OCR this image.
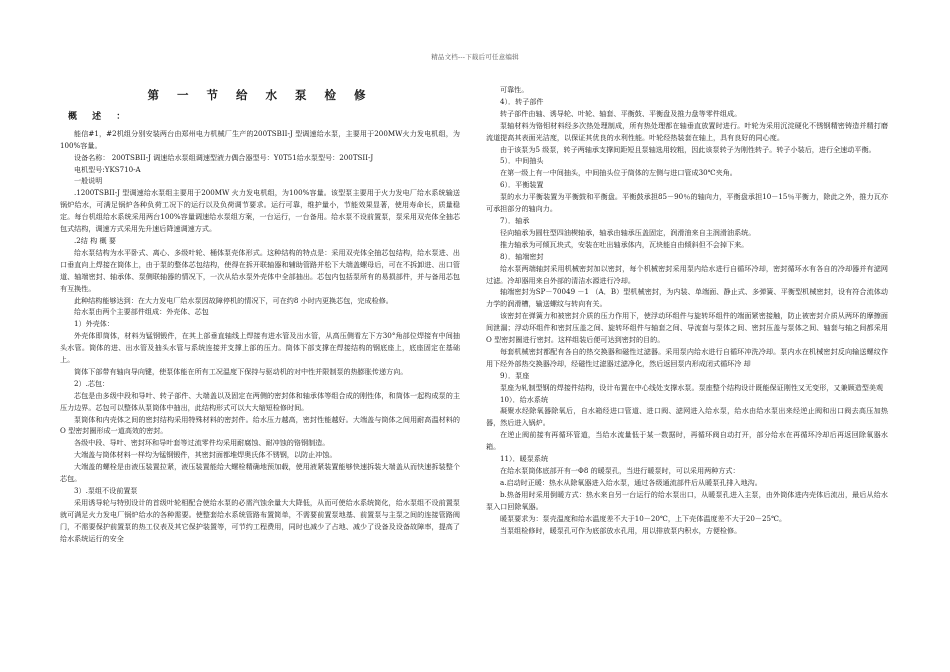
精品文档---下载后可任意编辑
第 一 节 给 水 泵 检 修
概 述 ：

能信#1，#2机组分别安装两台由郑州电力机械厂生产的200TSBII-J 型调速给水泵，主要用于200MW火力发电机组，为100%容量。

设备名称： 200TSBII-J 调速给水泵组调速型液力偶合器型号：Y0T51给水泵型号：200TSII-J

电机型号:YKS710-A

一般说明

.1200TSBII-J 型调速给水泵组主要用于200MW 火力发电机组，为100%容量。该型泵主要用于火力发电厂给水系统输送锅炉给水，可满足锅炉各种负荷工况下的运行以及负荷调节要求。运行可靠，维护量小，节能效果显著，使用寿命长，质量稳定。每台机组给水系统采用两台100%容量调速给水泵组方案，一台运行，一台备用。给水泵不设前置泵，泵采用双壳体全抽芯包式结构，调速方式采用先升速后降速调速方式。

.2结 构 概 要

给水泵结构为水平卧式、离心、多级叶轮、桶体泵壳体形式。这种结构的特点是：采用双壳体全抽芯包结构，给水泵进、出口垂直向上焊接在筒体上，由于泵的整体芯包结构，使得在拆开联轴器和辅助管路并松下大端盖螺母后，可在不拆卸进、出口管道、轴端密封、轴承体、泵侧联轴器的情况下，一次从给水泵外壳体中全部抽出。芯包内包括泵所有的易损部件，并与备用芯包有互换性。

此种结构能够达到：在大力发电厂给水泵因故障停机的情况下，可在约8 小时内更换芯包，完成检修。

给水泵由两个主要部件组成：外壳体、芯包

1）外壳体：

外壳体即筒体，材料为锰钢锻件，在其上部垂直轴线上焊接有进水管及出水管，从高压侧看左下方30°角部位焊接有中间抽头水管。筒体的进、出水管及抽头水管与系统连接并支撑上部的压力。筒体下部支撑在焊接结构的钢底座上，底座固定在基础上。

筒体下部带有轴向导向键，使泵体能在所有工况温度下保持与驱动机的对中性并限制泵的热膨胀传递方向。

2）.芯包：

芯包是由多级中段和导叶、转子部件、大端盖以及固定在两侧的密封体和轴承体等组合成的刚性体，和筒体一起构成泵的主压力边界。芯包可以整体从泵筒体中抽出，此结构形式可以大大缩短检修时间。

泵筒体和内壳体之间的密封结构采用特殊材料的密封件。给水压力越高，密封性能越好。大端盖与筒体之间用耐高温材料的O 型密封圈形成一道高效的密封。

各级中段、导叶、密封环和导叶套等过流零件均采用耐腐蚀、耐冲蚀的铬钢制造。

大端盖与筒体材料一样均为锰钢锻件，其密封面都堆焊奥氏体不锈钢，以防止冲蚀。

大端盖的螺栓是由液压装置拉紧，液压装置能给大螺栓精确地预加载，使用液紧装置能够快速拆装大端盖从而快速拆装整个芯包。

3）.泵组不设前置泵

采用诱导轮与特别设计的首级叶轮相配合使给水泵的必需汽蚀余量大大降低，从而可使给水系统简化，给水泵组不设前置泵就可满足火力发电厂锅炉给水的各种需要。使整套给水系统管路布置简单，不需要前置泵地基、前置泵与主泵之间的连接管路阀门，不需要保护前置泵的热工仪表及其它保护装置等，可节约工程费用，同时也减少了占地、减少了设备及设备故障率，提高了给水系统运行的安全

可靠性。

4）．转子部件

转子部件由轴、诱导轮、叶轮、轴套、平衡鼓、平衡盘及推力盘等零件组成。

泵轴材料为铬钼材料经多次热处理制成，所有热处理都在轴垂直放置时进行。叶轮为采用沉淀硬化不锈钢精密铸造并精打磨流道提高其表面光洁度，以保证其优良的水利性能。叶轮经热装套在轴上，具有良好的同心度。

由于该泵为5 级泵，转子两轴承支撑间距短且泵轴选用较粗，因此该泵转子为刚性转子。转子小装后，进行全速动平衡。

5）．中间抽头

在第一级上有一中间抽头，中间抽头位于筒体的左侧与进口管成30℃夹角。

6）．平衡装置

泵的水力平衡装置为平衡鼓和平衡盘。平衡鼓承担85－90％的轴向力，平衡盘承担10－15％平衡力，除此之外，推力瓦亦可承担部分的轴向力。

7）．轴承

径向轴承为圆柱型四油楔轴承，轴承由轴承压盖固定，润滑油来自主润滑油系统。

推力轴承为可倾瓦块式，安装在吐出轴承体内，瓦块能自由倾斜但不会掉下来。

8）．轴端密封

给水泵两端轴封采用机械密封加以密封，每个机械密封采用泵内给水进行自循环冷却，密封循环水有各自的冷却器并有滤网过滤。冷却器用来自外部的清洁水源进行冷却。

轴端密封为SP－70049 －1 （A．B）型机械密封，为内装、单端面、静止式、多弹簧、平衡型机械密封，设有符合流体动力学的润滑槽，输送螺纹与转向有关。

该密封在弹簧力和被密封介质的压力作用下，使浮动环组件与旋转环组件的端面紧密接触，防止被密封介质从两环的摩擦面间泄漏；浮动环组件和密封压盖之间、旋转环组件与轴套之间、导流套与泵体之间、密封压盖与泵体之间、轴套与轴之间都采用O 型密封圈进行密封。这样组装后便可达到密封的目的。

每套机械密封都配有各自的热交换器和磁性过滤器。采用泵内给水进行自循环冲洗冷却。泵内水在机械密封反向输送螺纹作用下经外部热交换器冷却，经磁性过滤器过滤净化，然后返回泵内形成闭式循环冷 却

9）．泵座

泵座为轧制型钢的焊接件结构，设计布置在中心线处支撑水泵。泵座整个结构设计既能保证刚性又无变形，又兼顾造型美观

10）．给水系统

凝聚水经除氧器除氧后，自水箱经进口管道、进口阀、滤网进入给水泵，给水由给水泵出来经逆止阀和出口阀去高压加热器，然后进入锅炉。

在逆止阀前接有再循环管道，当给水流量低于某一数据时，再循环阀自动打开，部分给水在再循环冷却后再返回除氧器水箱。

11）．暖泵系统

在给水泵筒体底部开有一Φ8 的暖泵孔，当进行暖泵时，可以采用两种方式：

a.启动时正暖：热水从除氧器进入给水泵，通过各级通流部件后从暖泵孔排入地沟。

b.热备用时采用倒暖方式：热水来自另一台运行的给水泵出口，从暖泵孔进入主泵，由外筒体进内壳体后流出，最后从给水泵入口回除氧器。

暖泵要求为：泵壳温度和给水温度差不大于10－20℃，上下壳体温度差不大于20－25℃。

当泵组检修时，暖泵孔可作为底部放水孔用，用以排放泵内积水，方便检修。
